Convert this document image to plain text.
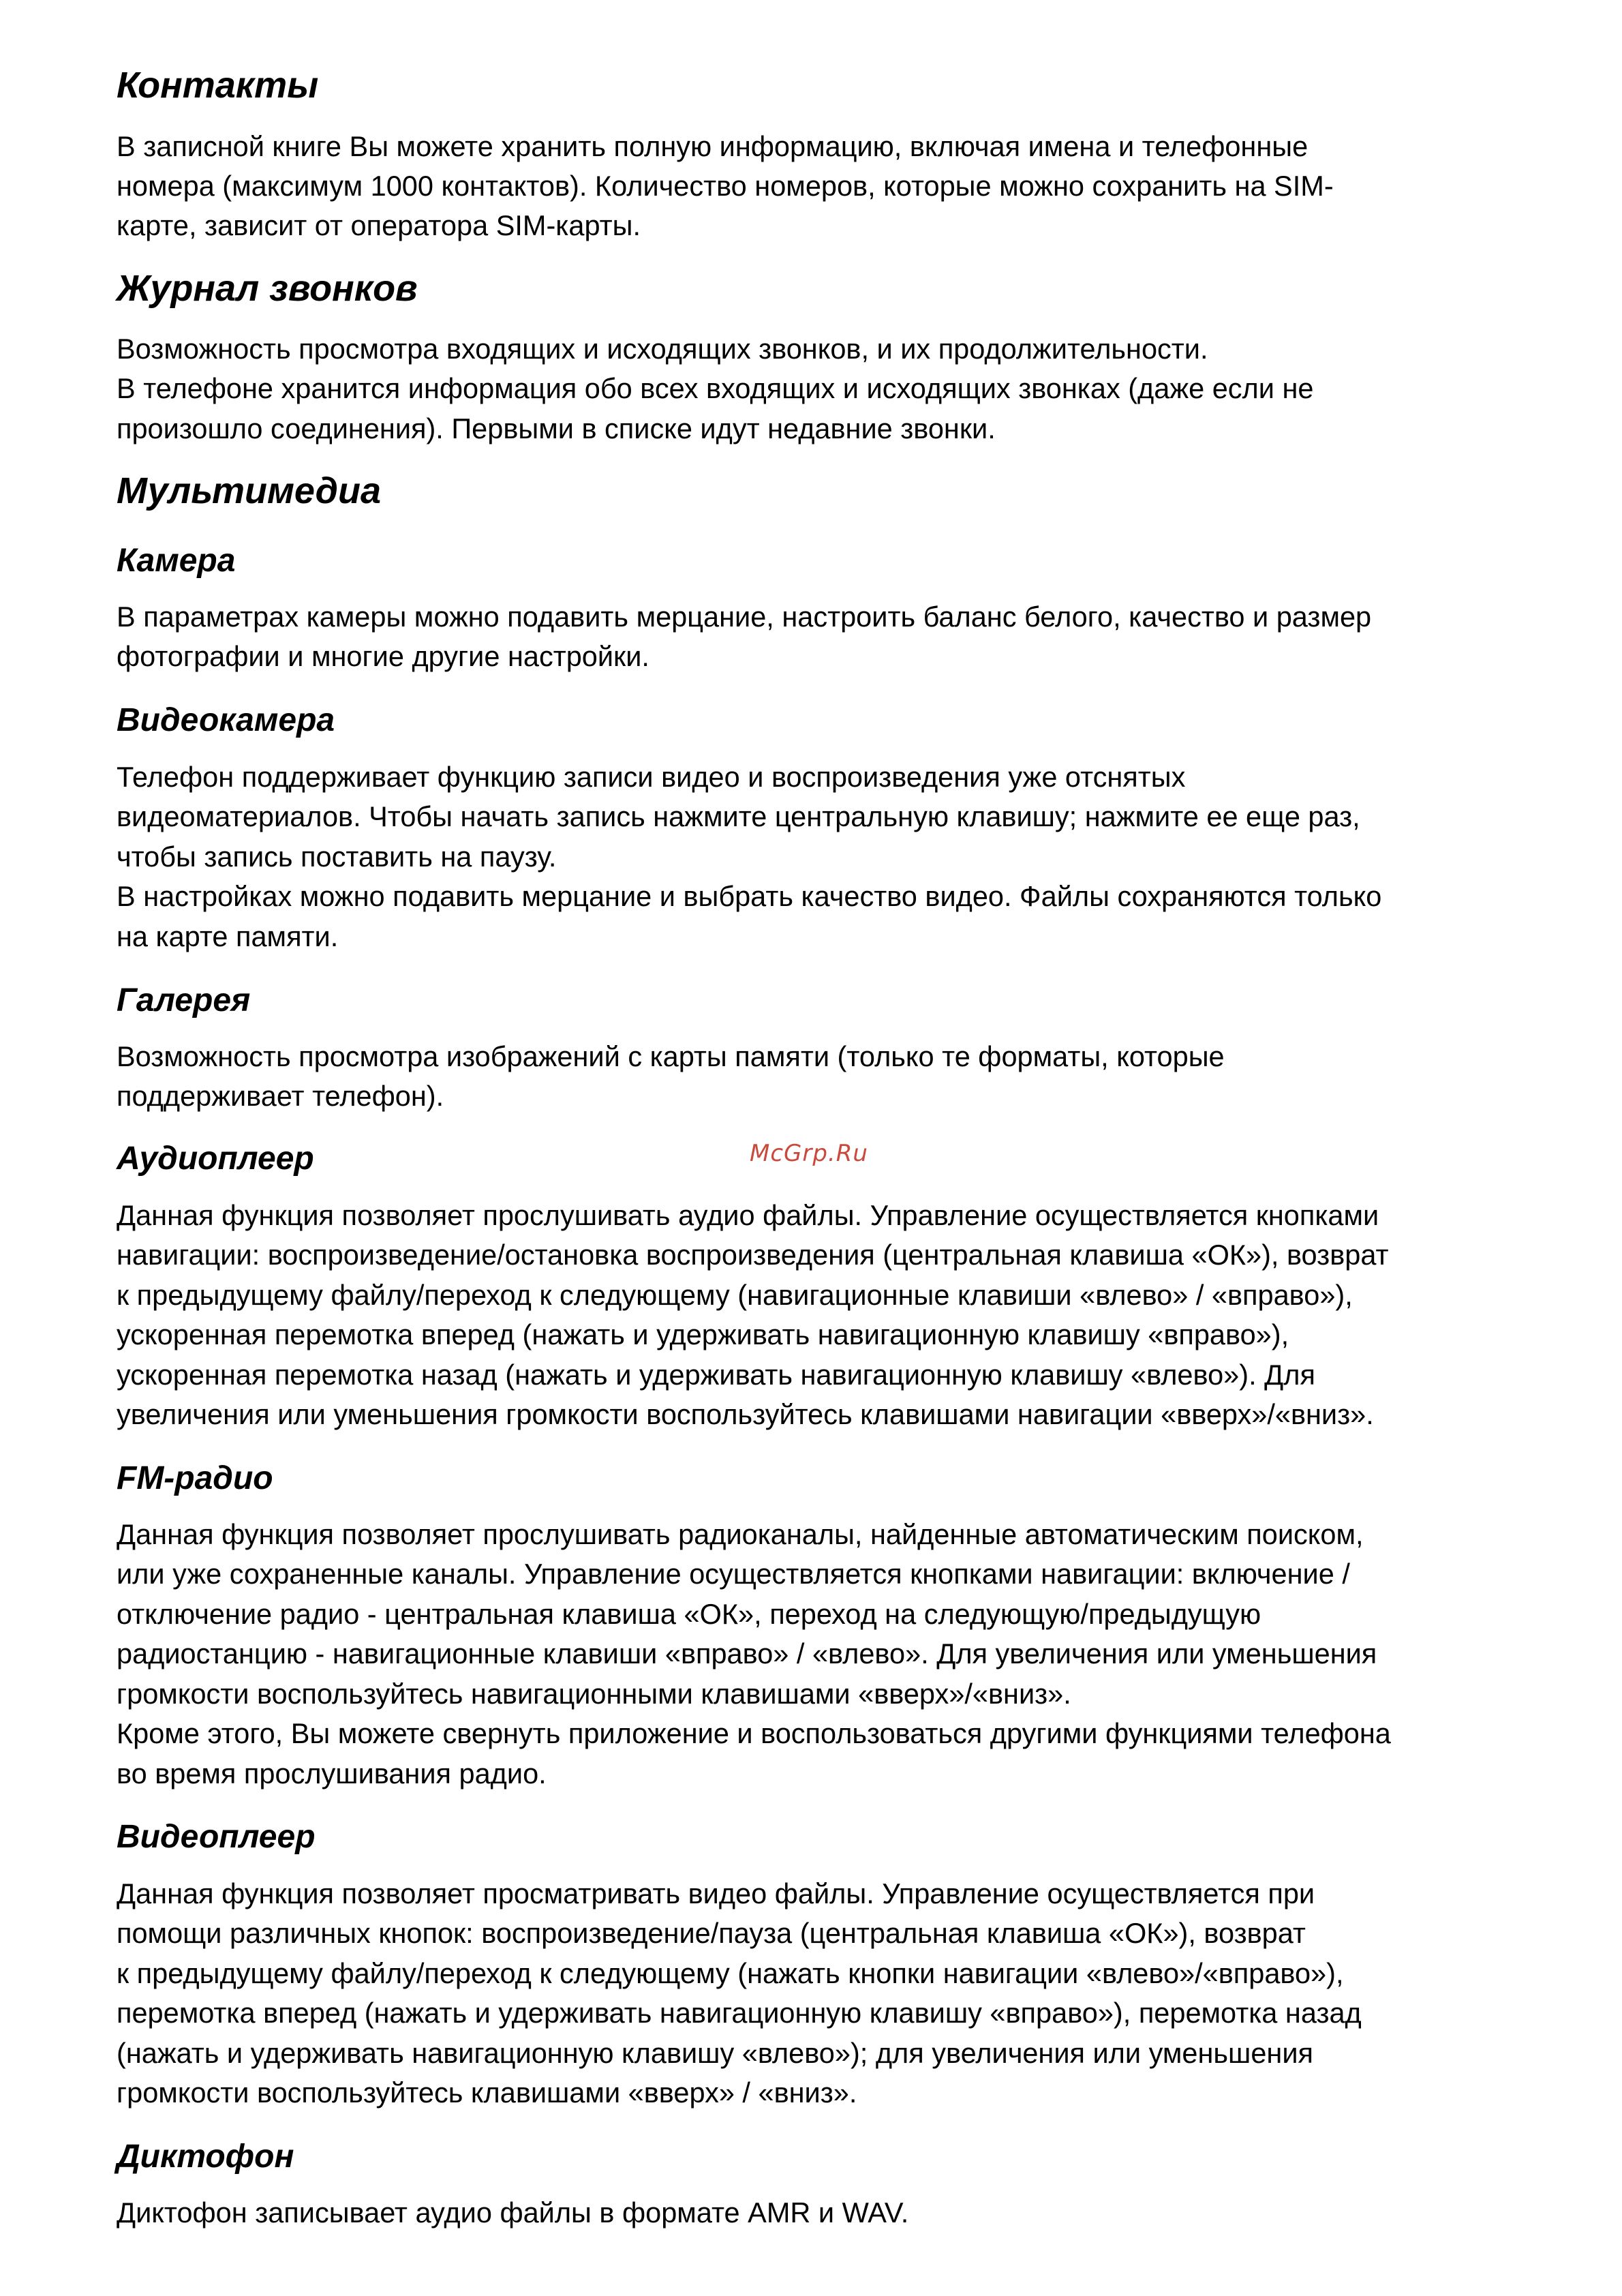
Контакты
В записной книге Вы можете хранить полную информацию, включая имена и телефонные
номера (максимум 1000 контактов). Количество номеров, которые можно сохранить на SIM-
карте, зависит от оператора SIM-карты.
Журнал звонков
Возможность просмотра входящих и исходящих звонков, и их продолжительности.
В телефоне хранится информация обо всех входящих и исходящих звонках (даже если не
произошло соединения). Первыми в списке идут недавние звонки.
Мультимедиа
Камера
В параметрах камеры можно подавить мерцание, настроить баланс белого, качество и размер
фотографии и многие другие настройки.
Видеокамера
Телефон поддерживает функцию записи видео и воспроизведения уже отснятых
видеоматериалов. Чтобы начать запись нажмите центральную клавишу; нажмите ее еще раз,
чтобы запись поставить на паузу.
В настройках можно подавить мерцание и выбрать качество видео. Файлы сохраняются только
на карте памяти.
Галерея
Возможность просмотра изображений с карты памяти (только те форматы, которые
поддерживает телефон).
Аудиоплеер
Данная функция позволяет прослушивать аудио файлы. Управление осуществляется кнопками
навигации: воспроизведение/остановка воспроизведения (центральная клавиша «ОК»), возврат
к предыдущему файлу/переход к следующему (навигационные клавиши «влево» / «вправо»),
ускоренная перемотка вперед (нажать и удерживать навигационную клавишу «вправо»),
ускоренная перемотка назад (нажать и удерживать навигационную клавишу «влево»). Для
увеличения или уменьшения громкости воспользуйтесь клавишами навигации «вверх»/«вниз».
FM-радио
Данная функция позволяет прослушивать радиоканалы, найденные автоматическим поиском,
или уже сохраненные каналы. Управление осуществляется кнопками навигации: включение /
отключение радио - центральная клавиша «ОК», переход на следующую/предыдущую
радиостанцию - навигационные клавиши «вправо» / «влево». Для увеличения или уменьшения
громкости воспользуйтесь навигационными клавишами «вверх»/«вниз».
Кроме этого, Вы можете свернуть приложение и воспользоваться другими функциями телефона
во время прослушивания радио.
Видеоплеер
Данная функция позволяет просматривать видео файлы. Управление осуществляется при
помощи различных кнопок: воспроизведение/пауза (центральная клавиша «ОК»), возврат
к предыдущему файлу/переход к следующему (нажать кнопки навигации «влево»/«вправо»),
перемотка вперед (нажать и удерживать навигационную клавишу «вправо»), перемотка назад
(нажать и удерживать навигационную клавишу «влево»); для увеличения или уменьшения
громкости воспользуйтесь клавишами «вверх» / «вниз».
Диктофон
Диктофон записывает аудио файлы в формате AMR и WAV.
McGrp.Ru
